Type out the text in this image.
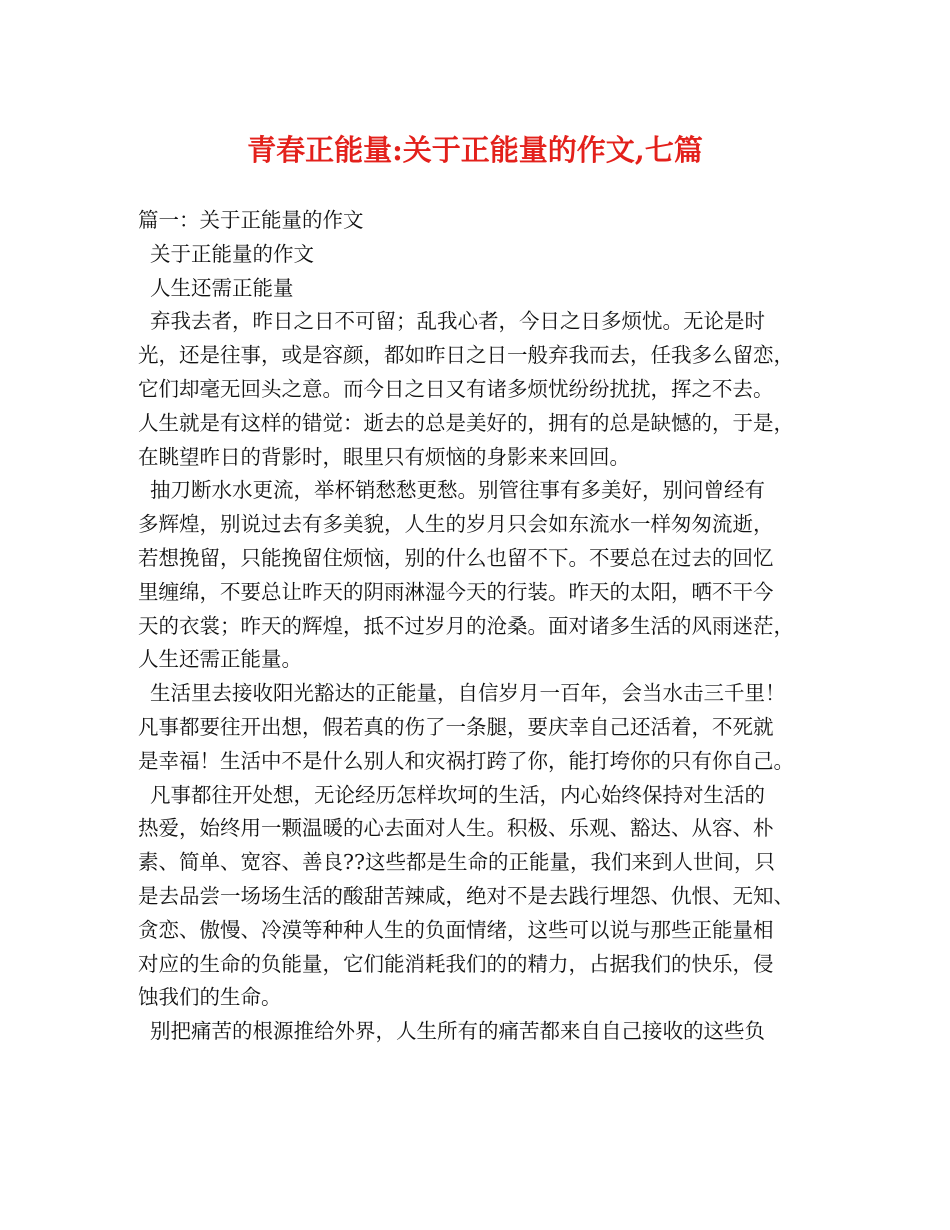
青春正能量:关于正能量的作文,七篇
篇一：关于正能量的作文
关于正能量的作文
人生还需正能量
弃我去者，昨日之日不可留；乱我心者，今日之日多烦忧。无论是时
光，还是往事，或是容颜，都如昨日之日一般弃我而去，任我多么留恋，
它们却毫无回头之意。而今日之日又有诸多烦忧纷纷扰扰，挥之不去。
人生就是有这样的错觉：逝去的总是美好的，拥有的总是缺憾的，于是，
在眺望昨日的背影时，眼里只有烦恼的身影来来回回。
抽刀断水水更流，举杯销愁愁更愁。别管往事有多美好，别问曾经有
多辉煌，别说过去有多美貌，人生的岁月只会如东流水一样匆匆流逝，
若想挽留，只能挽留住烦恼，别的什么也留不下。不要总在过去的回忆
里缠绵，不要总让昨天的阴雨淋湿今天的行装。昨天的太阳，晒不干今
天的衣裳；昨天的辉煌，抵不过岁月的沧桑。面对诸多生活的风雨迷茫，
人生还需正能量。
生活里去接收阳光豁达的正能量，自信岁月一百年，会当水击三千里！
凡事都要往开出想，假若真的伤了一条腿，要庆幸自己还活着，不死就
是幸福！生活中不是什么别人和灾祸打跨了你，能打垮你的只有你自己。
凡事都往开处想，无论经历怎样坎坷的生活，内心始终保持对生活的
热爱，始终用一颗温暖的心去面对人生。积极、乐观、豁达、从容、朴
素、简单、宽容、善良??这些都是生命的正能量，我们来到人世间，只
是去品尝一场场生活的酸甜苦辣咸，绝对不是去践行埋怨、仇恨、无知、
贪恋、傲慢、冷漠等种种人生的负面情绪，这些可以说与那些正能量相
对应的生命的负能量，它们能消耗我们的的精力，占据我们的快乐，侵
蚀我们的生命。
别把痛苦的根源推给外界，人生所有的痛苦都来自自己接收的这些负
